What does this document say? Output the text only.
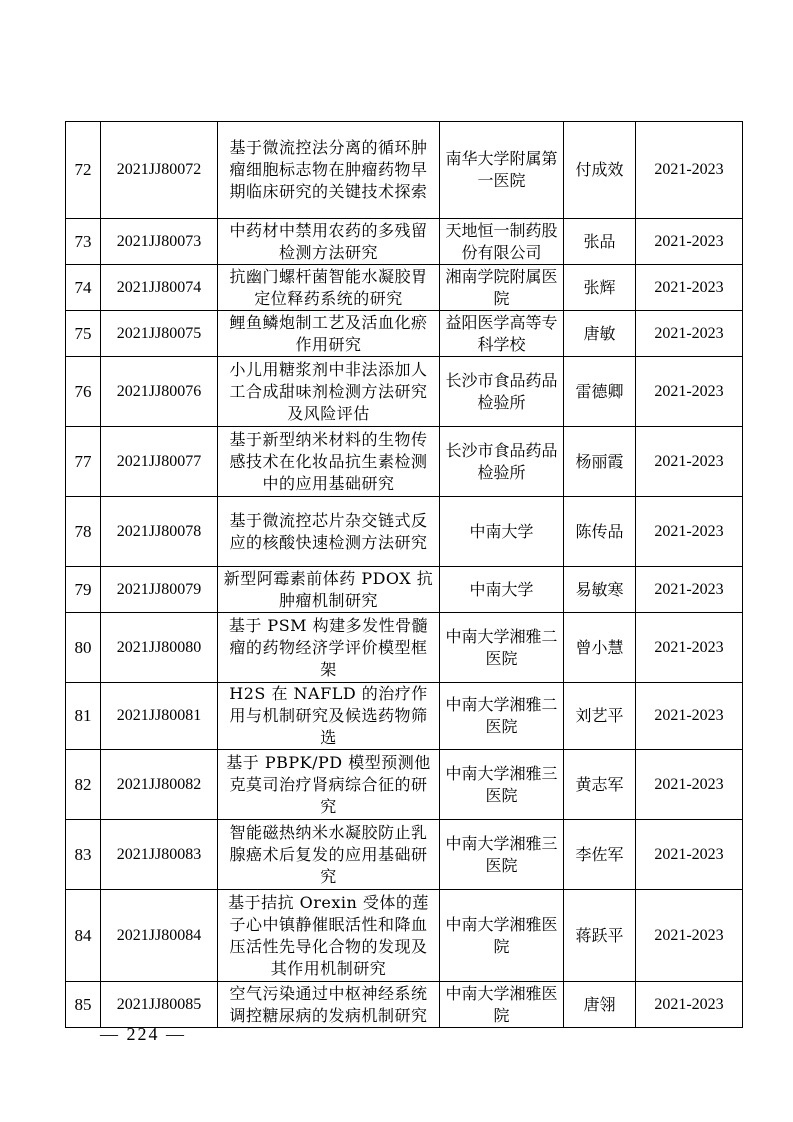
72	2021JJ80072	基于微流控法分离的循环肿瘤细胞标志物在肿瘤药物早期临床研究的关键技术探索	南华大学附属第一医院	付成效	2021-2023
73	2021JJ80073	中药材中禁用农药的多残留检测方法研究	天地恒一制药股份有限公司	张品	2021-2023
74	2021JJ80074	抗幽门螺杆菌智能水凝胶胃定位释药系统的研究	湘南学院附属医院	张辉	2021-2023
75	2021JJ80075	鲤鱼鳞炮制工艺及活血化瘀作用研究	益阳医学高等专科学校	唐敏	2021-2023
76	2021JJ80076	小儿用糖浆剂中非法添加人工合成甜味剂检测方法研究及风险评估	长沙市食品药品检验所	雷德卿	2021-2023
77	2021JJ80077	基于新型纳米材料的生物传感技术在化妆品抗生素检测中的应用基础研究	长沙市食品药品检验所	杨丽霞	2021-2023
78	2021JJ80078	基于微流控芯片杂交链式反应的核酸快速检测方法研究	中南大学	陈传品	2021-2023
79	2021JJ80079	新型阿霉素前体药 PDOX 抗肿瘤机制研究	中南大学	易敏寒	2021-2023
80	2021JJ80080	基于 PSM 构建多发性骨髓瘤的药物经济学评价模型框架	中南大学湘雅二医院	曾小慧	2021-2023
81	2021JJ80081	H2S 在 NAFLD 的治疗作用与机制研究及候选药物筛选	中南大学湘雅二医院	刘艺平	2021-2023
82	2021JJ80082	基于 PBPK/PD 模型预测他克莫司治疗肾病综合征的研究	中南大学湘雅三医院	黄志军	2021-2023
83	2021JJ80083	智能磁热纳米水凝胶防止乳腺癌术后复发的应用基础研究	中南大学湘雅三医院	李佐军	2021-2023
84	2021JJ80084	基于拮抗 Orexin 受体的莲子心中镇静催眠活性和降血压活性先导化合物的发现及其作用机制研究	中南大学湘雅医院	蒋跃平	2021-2023
85	2021JJ80085	空气污染通过中枢神经系统调控糖尿病的发病机制研究	中南大学湘雅医院	唐翎	2021-2023
— 224 —
